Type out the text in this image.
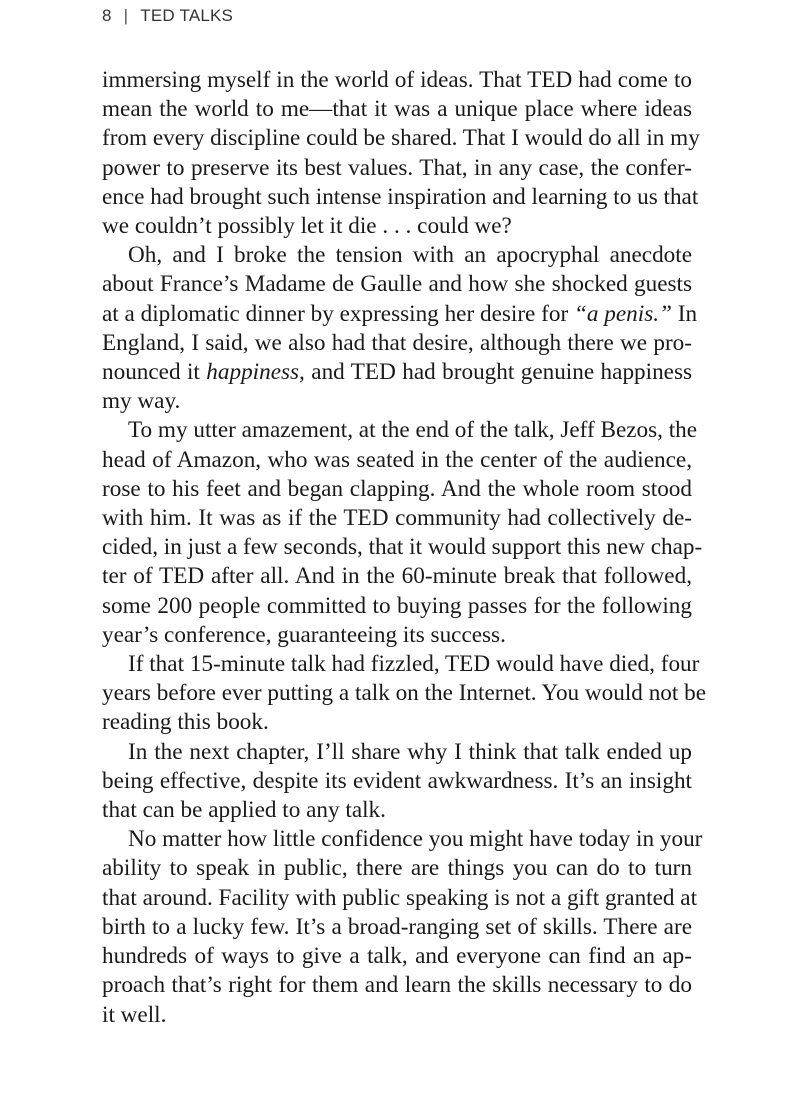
8 | TED TALKS

immersing myself in the world of ideas. That TED had come to
mean the world to me—that it was a unique place where ideas
from every discipline could be shared. That I would do all in my
power to preserve its best values. That, in any case, the confer-
ence had brought such intense inspiration and learning to us that
we couldn’t possibly let it die . . . could we?

Oh, and I broke the tension with an apocryphal anecdote
about France’s Madame de Gaulle and how she shocked guests
at a diplomatic dinner by expressing her desire for “a penis.” In
England, I said, we also had that desire, although there we pro-
nounced it happiness, and TED had brought genuine happiness
my way.

To my utter amazement, at the end of the talk, Jeff Bezos, the
head of Amazon, who was seated in the center of the audience,
rose to his feet and began clapping. And the whole room stood
with him. It was as if the TED community had collectively de-
cided, in just a few seconds, that it would support this new chap-
ter of TED after all. And in the 60-minute break that followed,
some 200 people committed to buying passes for the following
year’s conference, guaranteeing its success.

If that 15-minute talk had fizzled, TED would have died, four
years before ever putting a talk on the Internet. You would not be
reading this book.

In the next chapter, I’ll share why I think that talk ended up
being effective, despite its evident awkwardness. It’s an insight
that can be applied to any talk.

No matter how little confidence you might have today in your
ability to speak in public, there are things you can do to turn
that around. Facility with public speaking is not a gift granted at
birth to a lucky few. It’s a broad-ranging set of skills. There are
hundreds of ways to give a talk, and everyone can find an ap-
proach that’s right for them and learn the skills necessary to do
it well.
